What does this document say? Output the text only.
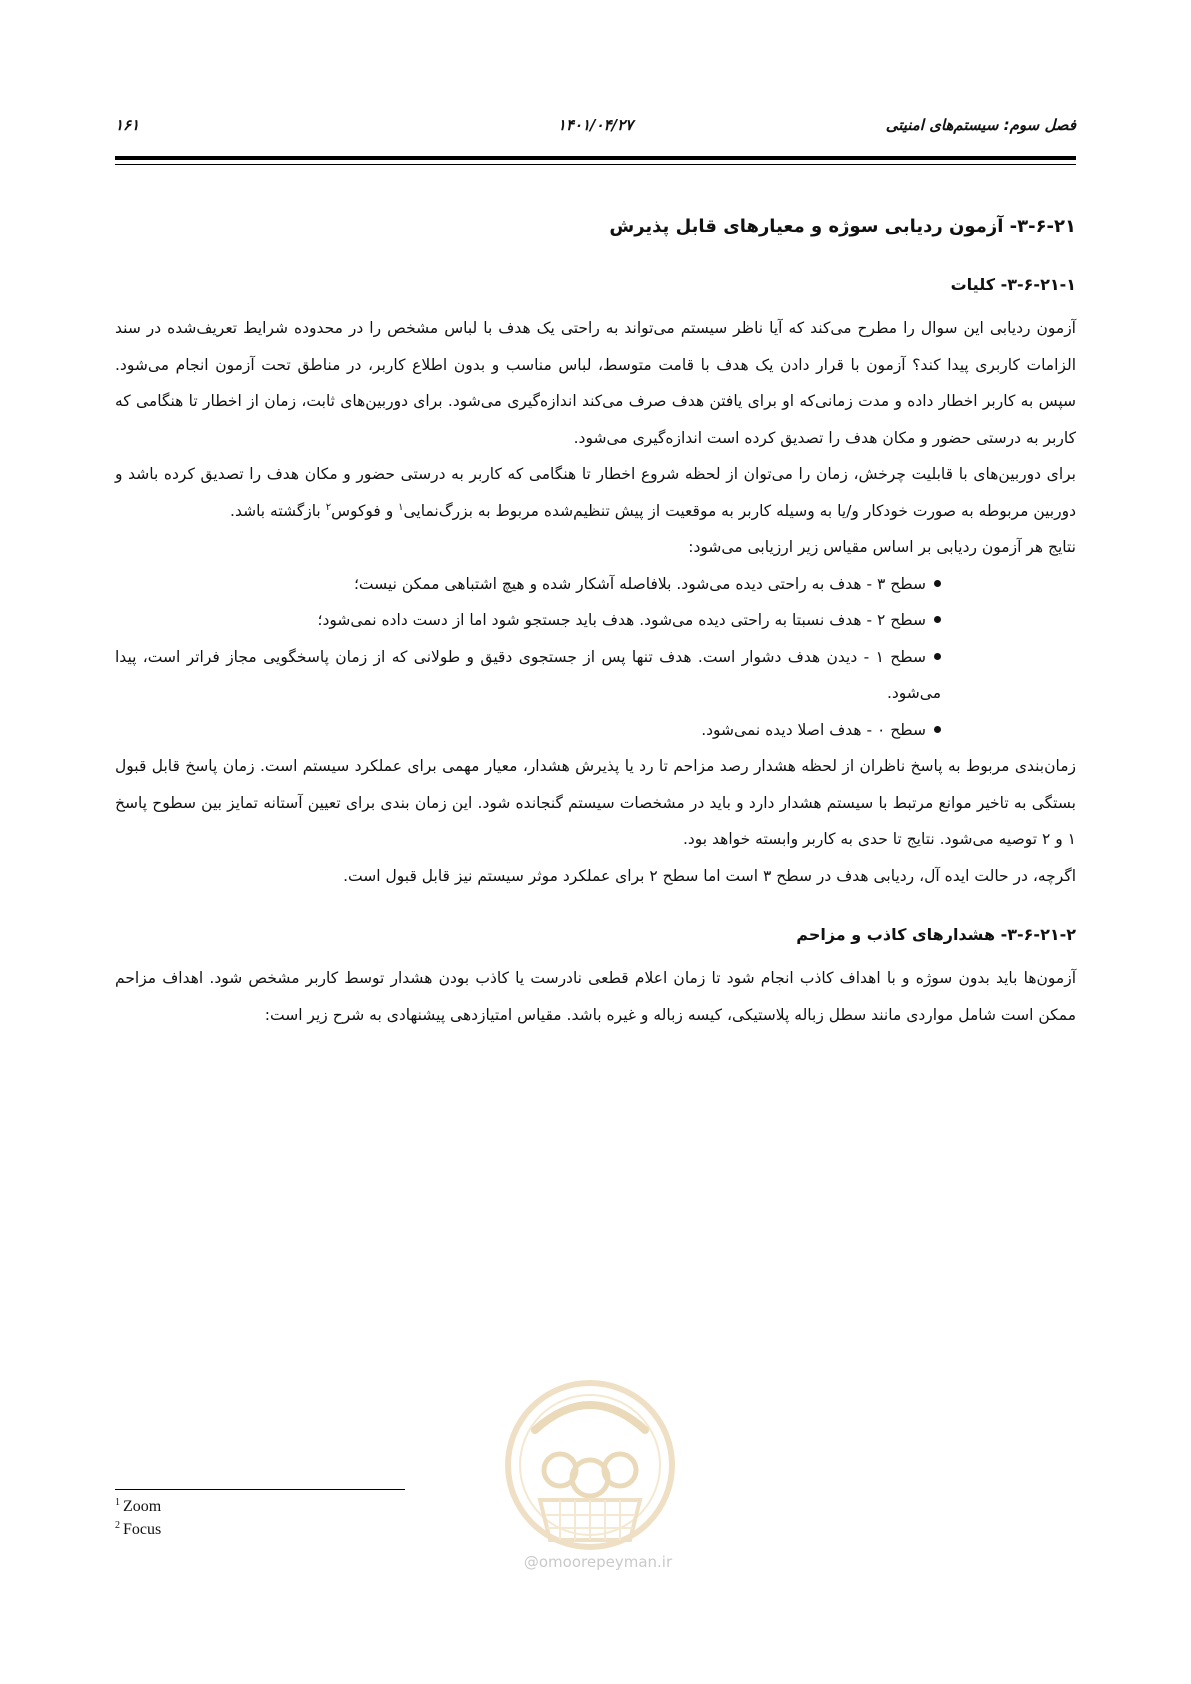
فصل سوم: سیستم‌های امنیتی
۱۴۰۱/۰۴/۲۷
۱۶۱
۳-۶-۲۱- آزمون ردیابی سوژه و معیارهای قابل پذیرش
۳-۶-۲۱-۱- کلیات

آزمون ردیابی این سوال را مطرح می‌کند که آیا ناظر سیستم می‌تواند به راحتی یک هدف با لباس مشخص را در محدوده شرایط تعریف‌شده در سند الزامات کاربری پیدا کند؟ آزمون با قرار دادن یک هدف با قامت متوسط، لباس مناسب و بدون اطلاع کاربر، در مناطق تحت آزمون انجام می‌شود. سپس به کاربر اخطار داده و مدت زمانی‌که او برای یافتن هدف صرف می‌کند اندازه‌گیری می‌شود. برای دوربین‌های ثابت، زمان از اخطار تا هنگامی که کاربر به درستی حضور و مکان هدف را تصدیق کرده است اندازه‌گیری می‌شود.

برای دوربین‌های با قابلیت چرخش، زمان را می‌توان از لحظه شروع اخطار تا هنگامی که کاربر به درستی حضور و مکان هدف را تصدیق کرده باشد و دوربین مربوطه به صورت خودکار و/یا به وسیله کاربر به موقعیت از پیش تنظیم‌شده مربوط به بزرگ‌نمایی$^۱$ و فوکوس$^۲$ بازگشته باشد.

نتایج هر آزمون ردیابی بر اساس مقیاس زیر ارزیابی می‌شود:

سطح ۳ - هدف به راحتی دیده می‌شود. بلافاصله آشکار شده و هیچ اشتباهی ممکن نیست؛
سطح ۲ - هدف نسبتا به راحتی دیده می‌شود. هدف باید جستجو شود اما از دست داده نمی‌شود؛
سطح ۱ - دیدن هدف دشوار است. هدف تنها پس از جستجوی دقیق و طولانی که از زمان پاسخگویی مجاز فراتر است، پیدا می‌شود.
سطح ۰ - هدف اصلا دیده نمی‌شود.

زمان‌بندی مربوط به پاسخ ناظران از لحظه هشدار رصد مزاحم تا رد یا پذیرش هشدار، معیار مهمی برای عملکرد سیستم است. زمان پاسخ قابل قبول بستگی به تاخیر موانع مرتبط با سیستم هشدار دارد و باید در مشخصات سیستم گنجانده شود. این زمان بندی برای تعیین آستانه تمایز بین سطوح پاسخ ۱ و ۲ توصیه می‌شود. نتایج تا حدی به کاربر وابسته خواهد بود.

اگرچه، در حالت ایده آل، ردیابی هدف در سطح ۳ است اما سطح ۲ برای عملکرد موثر سیستم نیز قابل قبول است.

۳-۶-۲۱-۲- هشدارهای کاذب و مزاحم

آزمون‌ها باید بدون سوژه و با اهداف کاذب انجام شود تا زمان اعلام قطعی نادرست یا کاذب بودن هشدار توسط کاربر مشخص شود. اهداف مزاحم ممکن است شامل مواردی مانند سطل زباله پلاستیکی، کیسه زباله و غیره باشد. مقیاس امتیازدهی پیشنهادی به شرح زیر است:

@omoorepeyman.ir
$^1$ Zoom
$^2$ Focus
